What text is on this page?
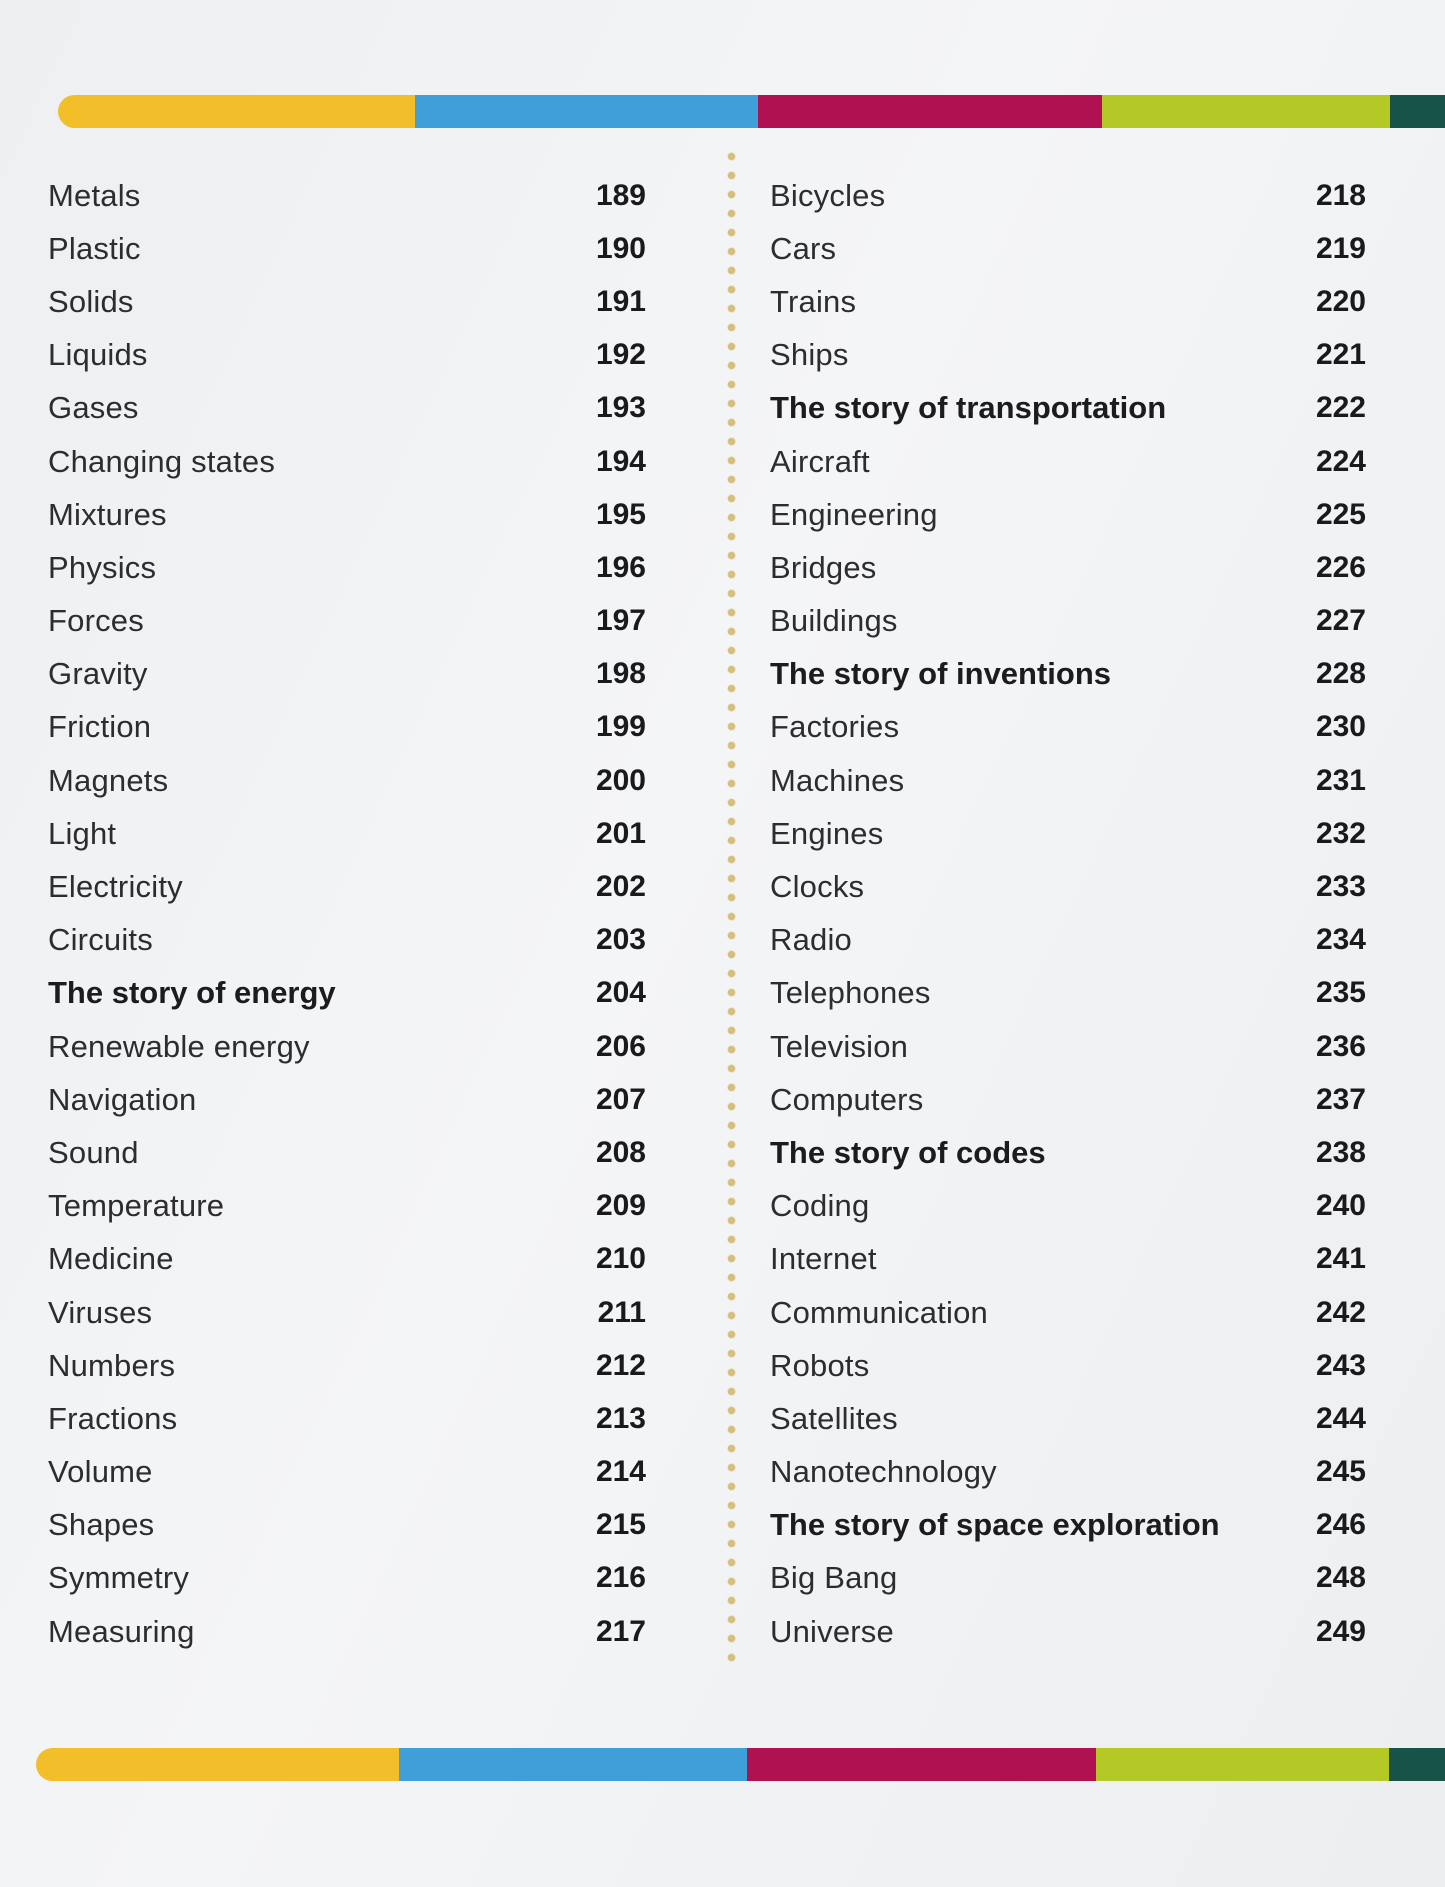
Metals	189
Plastic	190
Solids	191
Liquids	192
Gases	193
Changing states	194
Mixtures	195
Physics	196
Forces	197
Gravity	198
Friction	199
Magnets	200
Light	201
Electricity	202
Circuits	203
The story of energy	204
Renewable energy	206
Navigation	207
Sound	208
Temperature	209
Medicine	210
Viruses	211
Numbers	212
Fractions	213
Volume	214
Shapes	215
Symmetry	216
Measuring	217
Bicycles	218
Cars	219
Trains	220
Ships	221
The story of transportation	222
Aircraft	224
Engineering	225
Bridges	226
Buildings	227
The story of inventions	228
Factories	230
Machines	231
Engines	232
Clocks	233
Radio	234
Telephones	235
Television	236
Computers	237
The story of codes	238
Coding	240
Internet	241
Communication	242
Robots	243
Satellites	244
Nanotechnology	245
The story of space exploration	246
Big Bang	248
Universe	249
